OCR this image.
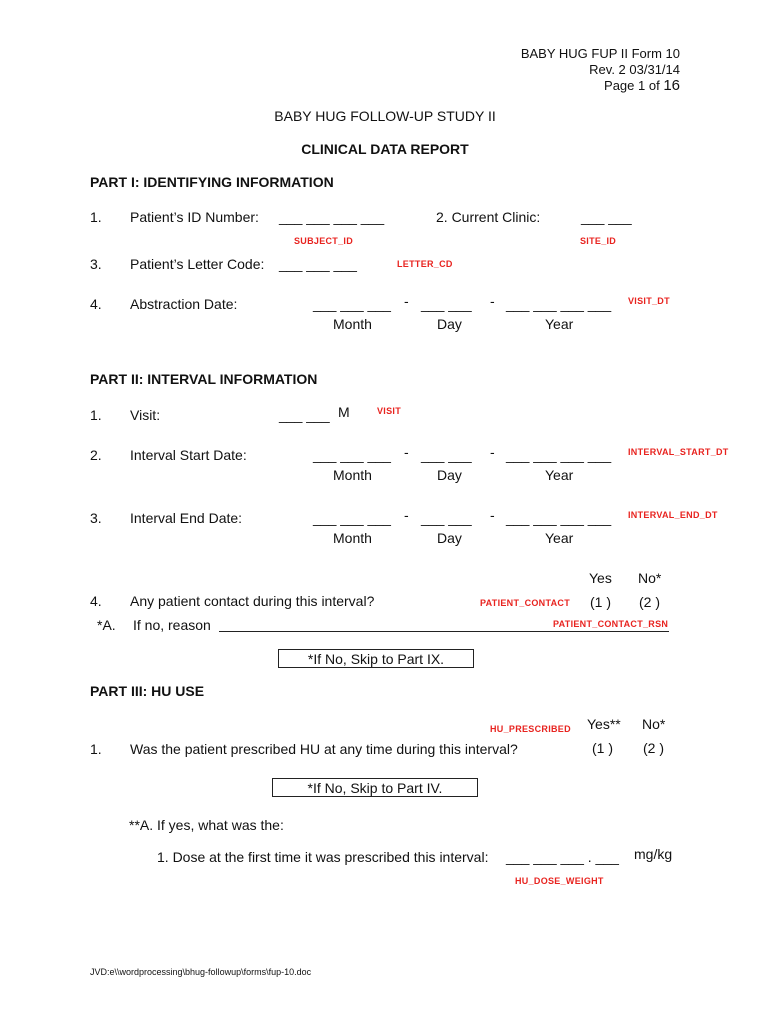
BABY HUG FUP II Form 10
Rev. 2 03/31/14
Page 1 of 16
BABY HUG FOLLOW-UP STUDY II
CLINICAL DATA REPORT
PART I: IDENTIFYING INFORMATION
1. Patient’s ID Number: ___ ___ ___ ___	2. Current Clinic:	___ ___
SUBJECT_ID	SITE_ID
3. Patient’s Letter Code: ___ ___ ___	LETTER_CD
4. Abstraction Date:	___ ___ ___ - ___ ___ - ___ ___ ___ ___ VISIT_DT
Month	Day	Year
PART II: INTERVAL INFORMATION
1. Visit:	___ ___ M	VISIT
2. Interval Start Date:	___ ___ ___ - ___ ___ - ___ ___ ___ ___ INTERVAL_START_DT
Month	Day	Year
3. Interval End Date:	___ ___ ___ - ___ ___ - ___ ___ ___ ___ INTERVAL_END_DT
Month	Day	Year
Yes No*
4. Any patient contact during this interval?	PATIENT_CONTACT (1 ) (2 )
*A. If no, reason	PATIENT_CONTACT_RSN
*If No, Skip to Part IX.
PART III: HU USE
HU_PRESCRIBED Yes** No*
1. Was the patient prescribed HU at any time during this interval?	(1 ) (2 )
*If No, Skip to Part IV.
**A. If yes, what was the:
1. Dose at the first time it was prescribed this interval: ___ ___ ___ . ___ mg/kg
HU_DOSE_WEIGHT
JVD:e\\wordprocessing\bhug-followup\forms\fup-10.doc
